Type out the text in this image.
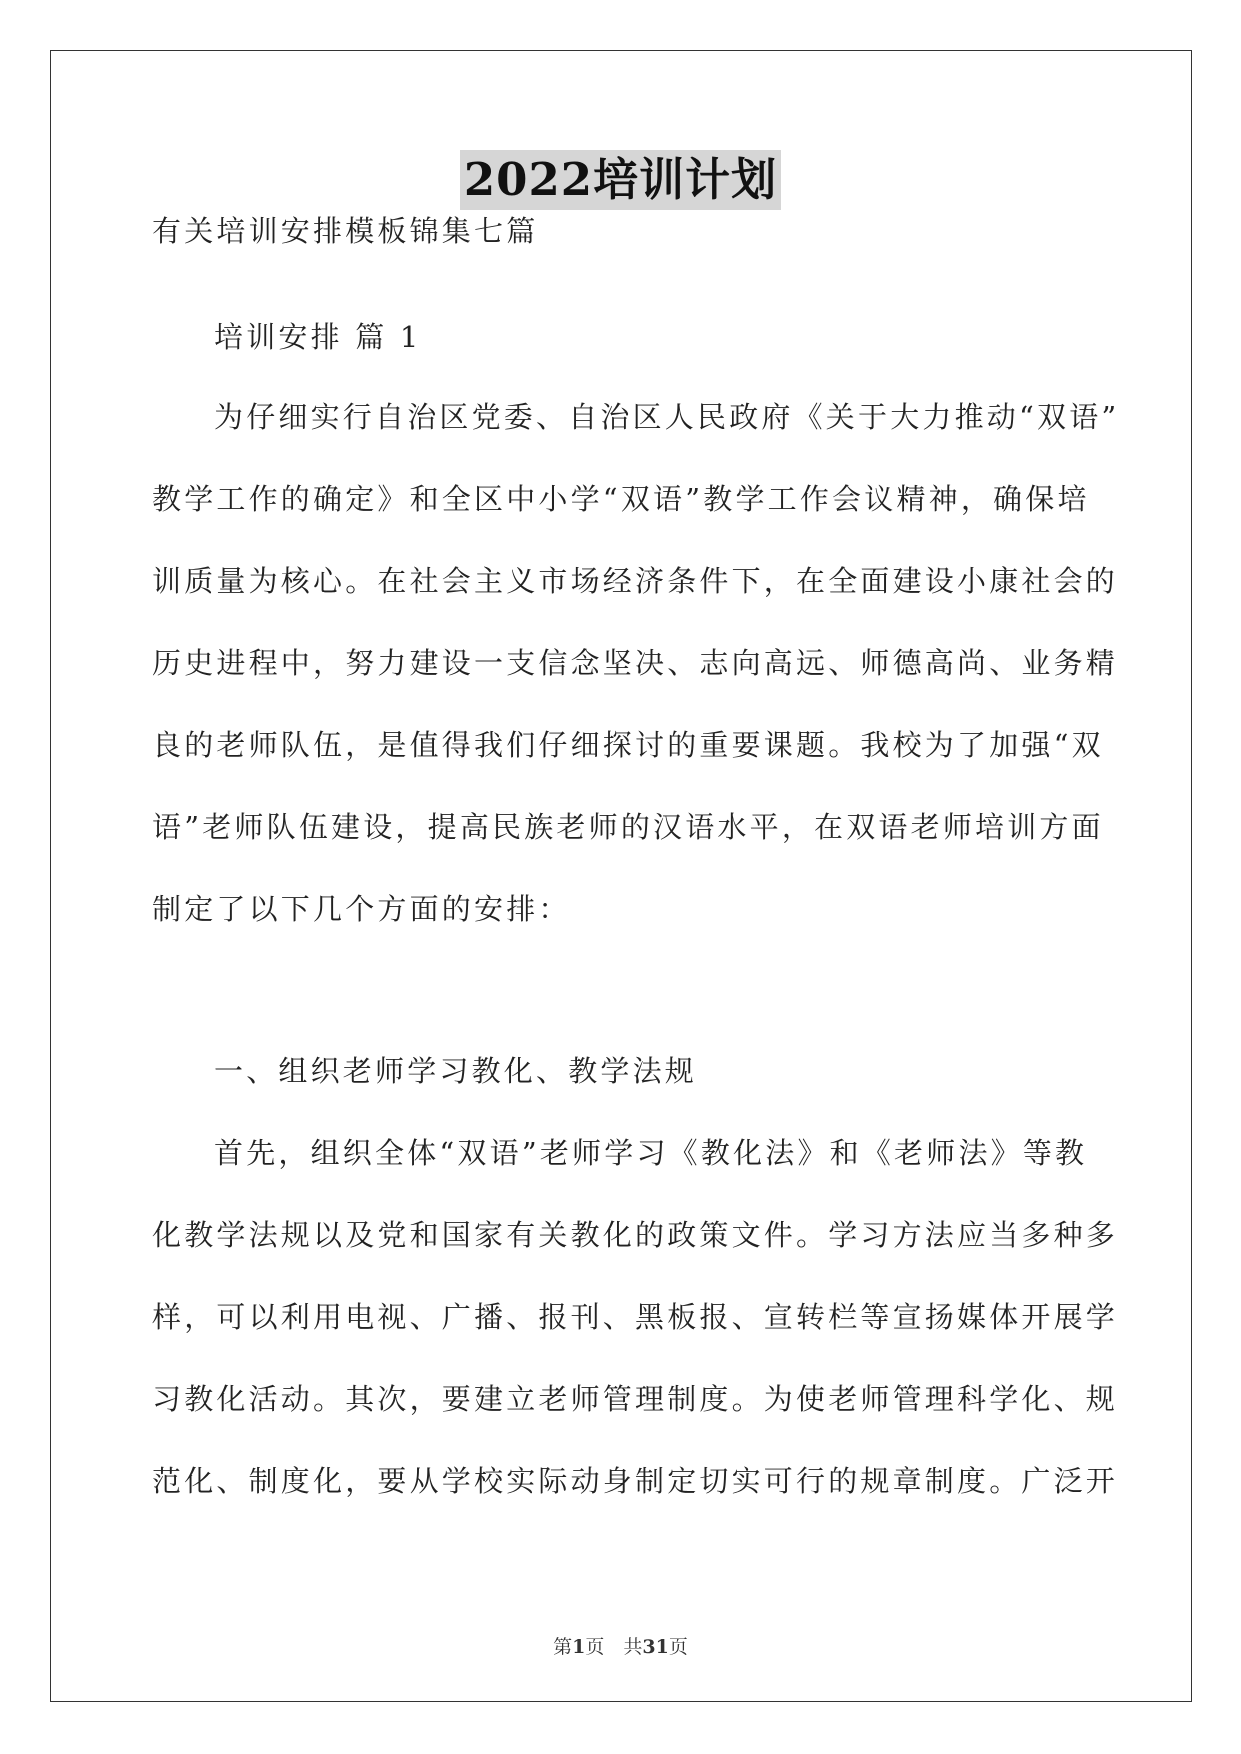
2022培训计划
有关培训安排模板锦集七篇
培训安排 篇 1
为仔细实行自治区党委、自治区人民政府《关于大力推动“双语”
教学工作的确定》和全区中小学“双语”教学工作会议精神，确保培
训质量为核心。在社会主义市场经济条件下，在全面建设小康社会的
历史进程中，努力建设一支信念坚决、志向高远、师德高尚、业务精
良的老师队伍，是值得我们仔细探讨的重要课题。我校为了加强“双
语”老师队伍建设，提高民族老师的汉语水平，在双语老师培训方面
制定了以下几个方面的安排：
一、组织老师学习教化、教学法规
首先，组织全体“双语”老师学习《教化法》和《老师法》等教
化教学法规以及党和国家有关教化的政策文件。学习方法应当多种多
样，可以利用电视、广播、报刊、黑板报、宣转栏等宣扬媒体开展学
习教化活动。其次，要建立老师管理制度。为使老师管理科学化、规
范化、制度化，要从学校实际动身制定切实可行的规章制度。广泛开
第1页　共31页
